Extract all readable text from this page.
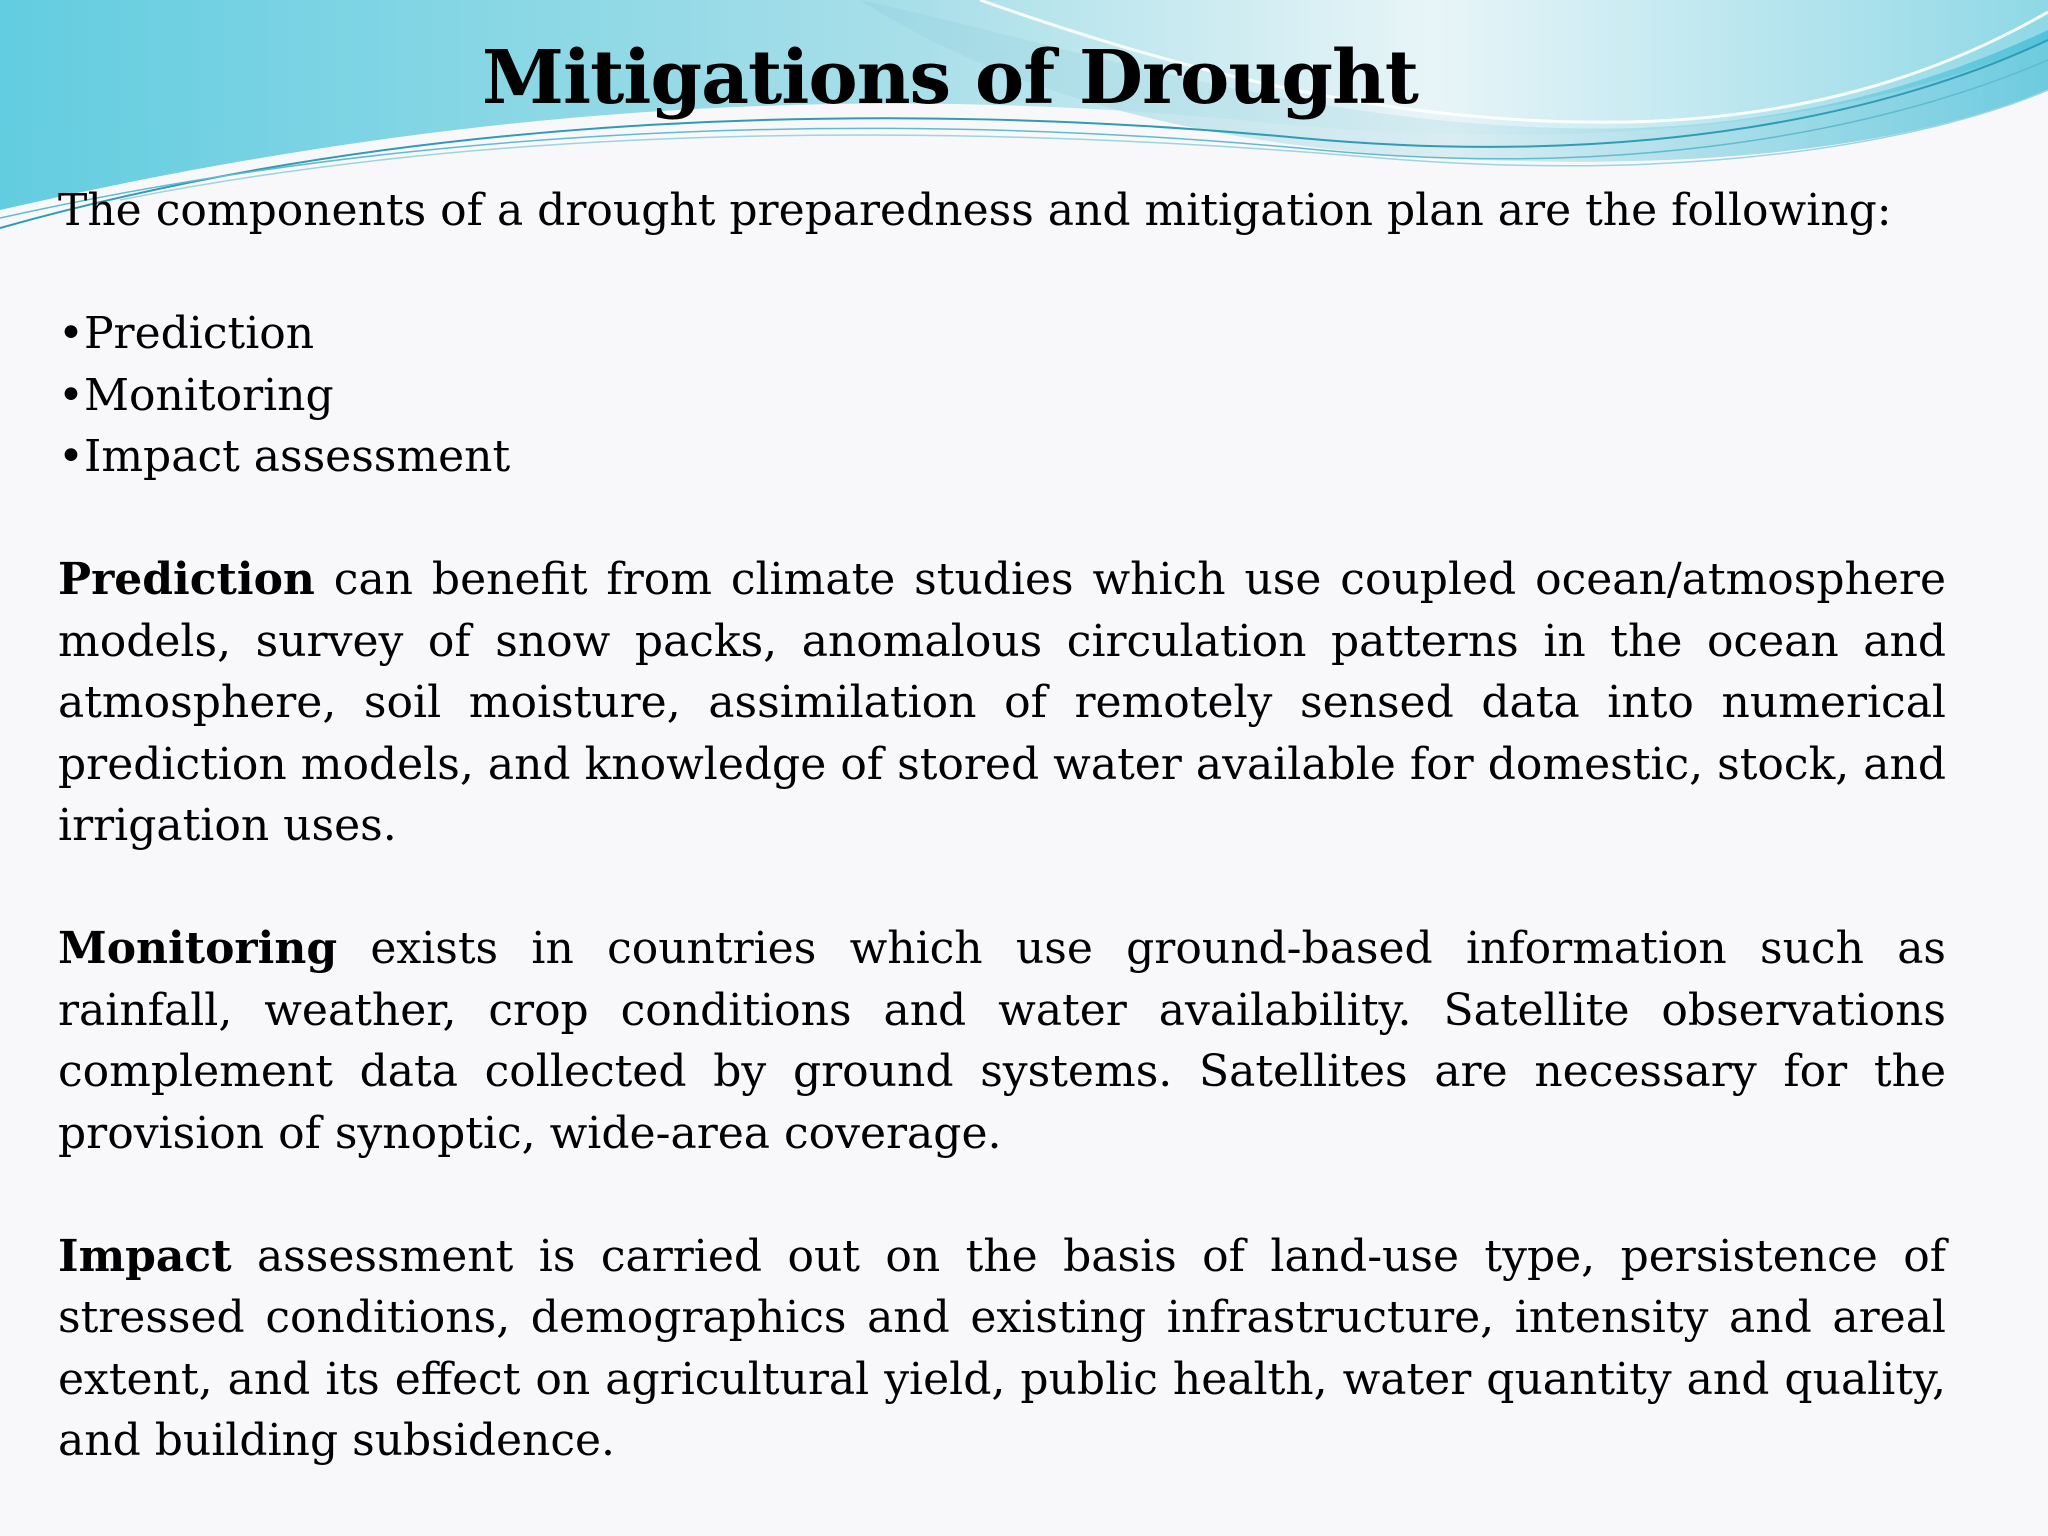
Mitigations of Drought

The components of a drought preparedness and mitigation plan are the following:

•Prediction
•Monitoring
•Impact assessment

Prediction can benefit from climate studies which use coupled ocean/atmosphere models, survey of snow packs, anomalous circulation patterns in the ocean and atmosphere, soil moisture, assimilation of remotely sensed data into numerical prediction models, and knowledge of stored water available for domestic, stock, and irrigation uses.

Monitoring exists in countries which use ground-based information such as rainfall, weather, crop conditions and water availability. Satellite observations complement data collected by ground systems. Satellites are necessary for the provision of synoptic, wide-area coverage.

Impact assessment is carried out on the basis of land-use type, persistence of stressed conditions, demographics and existing infrastructure, intensity and areal extent, and its effect on agricultural yield, public health, water quantity and quality, and building subsidence.
